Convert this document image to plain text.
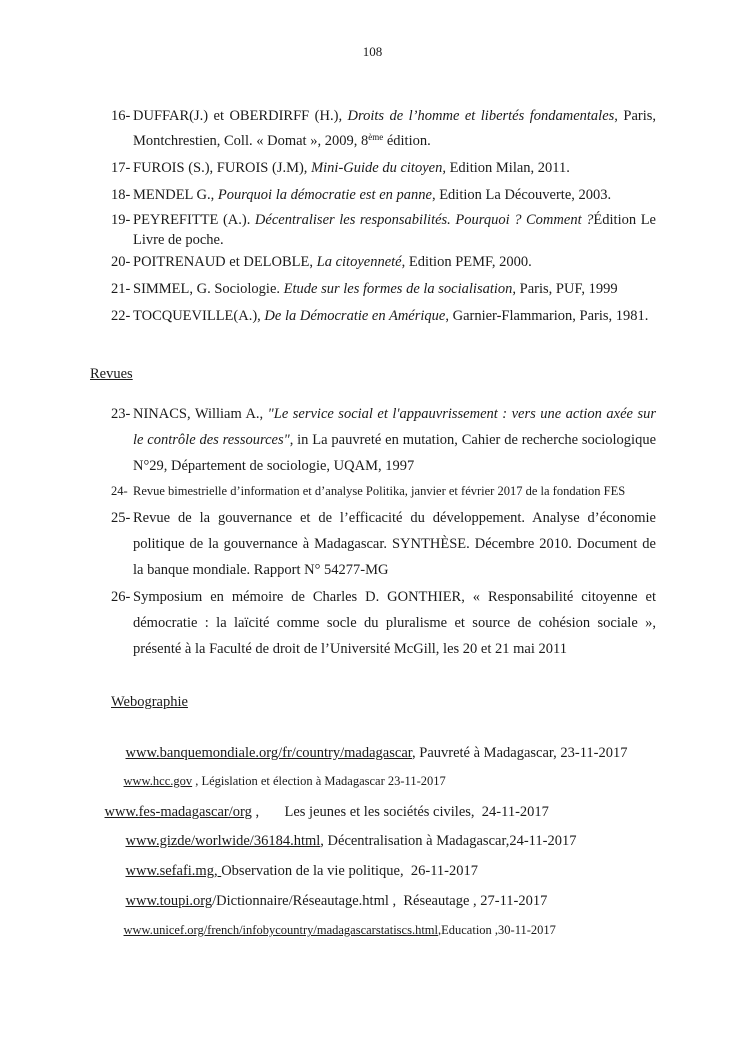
108
16- DUFFAR(J.) et OBERDIRFF (H.), Droits de l’homme et libertés fondamentales, Paris, Montchrestien, Coll. « Domat », 2009, 8ème édition.
17- FUROIS (S.), FUROIS (J.M), Mini-Guide du citoyen, Edition Milan, 2011.
18- MENDEL G., Pourquoi la démocratie est en panne, Edition La Découverte, 2003.
19- PEYREFITTE (A.). Décentraliser les responsabilités. Pourquoi ? Comment ?Édition Le Livre de poche.
20- POITRENAUD et DELOBLE, La citoyenneté, Edition PEMF, 2000.
21- SIMMEL, G. Sociologie. Etude sur les formes de la socialisation, Paris, PUF, 1999
22- TOCQUEVILLE(A.), De la Démocratie en Amérique, Garnier-Flammarion, Paris, 1981.
Revues
23- NINACS, William A., "Le service social et l'appauvrissement : vers une action axée sur le contrôle des ressources", in La pauvreté en mutation, Cahier de recherche sociologique N°29, Département de sociologie, UQAM, 1997
24- Revue bimestrielle d’information et d’analyse Politika, janvier et février 2017 de la fondation FES
25- Revue de la gouvernance et de l’efficacité du développement. Analyse d’économie politique de la gouvernance à Madagascar. SYNTHÈSE. Décembre 2010. Document de la banque mondiale. Rapport N° 54277-MG
26- Symposium en mémoire de Charles D. GONTHIER, « Responsabilité citoyenne et démocratie : la laïcité comme socle du pluralisme et source de cohésion sociale », présenté à la Faculté de droit de l’Université McGill, les 20 et 21 mai 2011
Webographie

www.banquemondiale.org/fr/country/madagascar, Pauvreté à Madagascar, 23-11-2017

www.hcc.gov , Législation et élection à Madagascar 23-11-2017

www.fes-madagascar/org ,       Les jeunes et les sociétés civiles,  24-11-2017

www.gizde/worlwide/36184.html, Décentralisation à Madagascar,24-11-2017

www.sefafi.mg, Observation de la vie politique,  26-11-2017

www.toupi.org/Dictionnaire/Réseautage.html ,  Réseautage , 27-11-2017

www.unicef.org/french/infobycountry/madagascarstatiscs.html,Education ,30-11-2017
